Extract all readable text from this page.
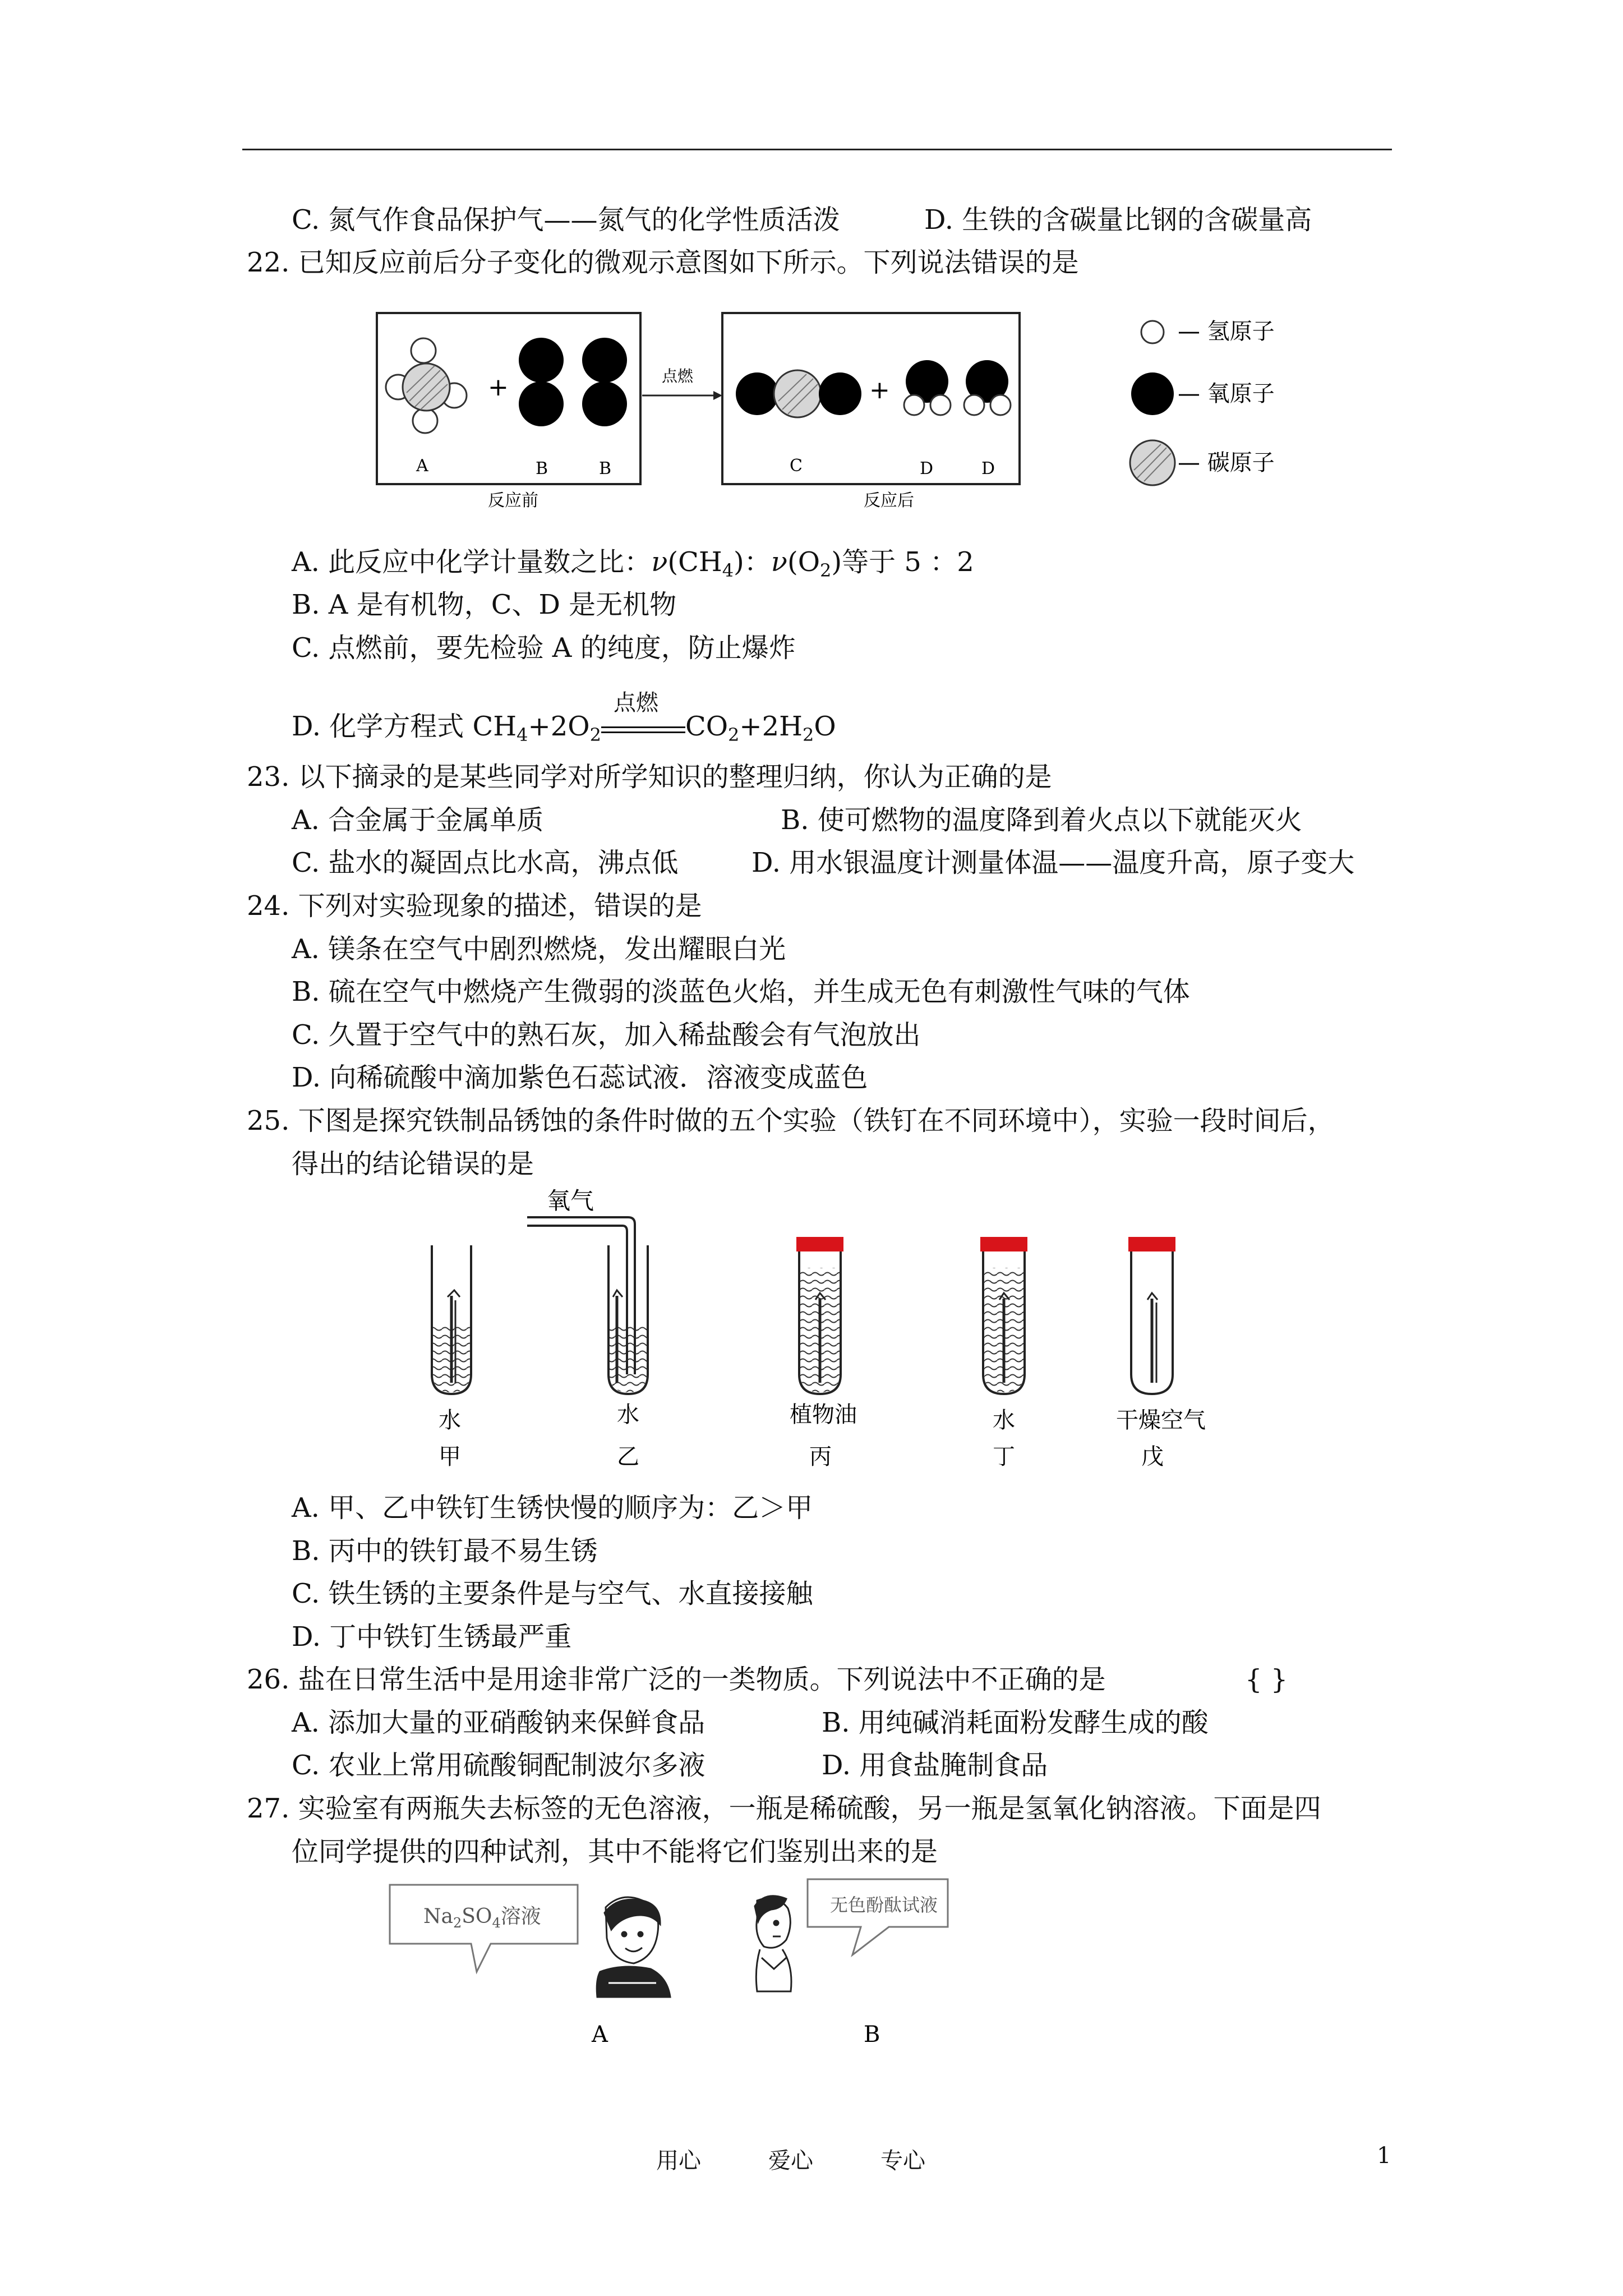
C. 氮气作食品保护气——氮气的化学性质活泼	D. 生铁的含碳量比钢的含碳量高
22. 已知反应前后分子变化的微观示意图如下所示。下列说法错误的是
+
A	B	B
反应前
点燃	+
C	D	D
反应后
— 氢原子
— 氧原子
— 碳原子
A. 此反应中化学计量数之比：$\nu(CH_4)$：$\nu(O_2)$等于 5 ：2
B. A 是有机物，C、D 是无机物
C. 点燃前，要先检验 A 的纯度，防止爆炸
D. 化学方程式 $CH_4+2O_2$
点燃
$CO_2+2H_2O$
23. 以下摘录的是某些同学对所学知识的整理归纳，你认为正确的是
A. 合金属于金属单质	B. 使可燃物的温度降到着火点以下就能灭火
C. 盐水的凝固点比水高，沸点低	D. 用水银温度计测量体温——温度升高，原子变大
24. 下列对实验现象的描述，错误的是
A. 镁条在空气中剧烈燃烧，发出耀眼白光
B. 硫在空气中燃烧产生微弱的淡蓝色火焰，并生成无色有刺激性气味的气体
C. 久置于空气中的熟石灰，加入稀盐酸会有气泡放出
D. 向稀硫酸中滴加紫色石蕊试液．溶液变成蓝色
25. 下图是探究铁制品锈蚀的条件时做的五个实验（铁钉在不同环境中），实验一段时间后，
得出的结论错误的是
氧气
水
甲
水
乙
植物油
丙
水
丁
干燥空气
戊
A. 甲、乙中铁钉生锈快慢的顺序为：乙＞甲
B. 丙中的铁钉最不易生锈
C. 铁生锈的主要条件是与空气、水直接接触
D. 丁中铁钉生锈最严重
26. 盐在日常生活中是用途非常广泛的一类物质。下列说法中不正确的是	{ }
A. 添加大量的亚硝酸钠来保鲜食品	B. 用纯碱消耗面粉发酵生成的酸
C. 农业上常用硫酸铜配制波尔多液	D. 用食盐腌制食品
27. 实验室有两瓶失去标签的无色溶液，一瓶是稀硫酸，另一瓶是氢氧化钠溶液。下面是四
位同学提供的四种试剂，其中不能将它们鉴别出来的是
$Na_2SO_4$溶液	无色酚酞试液
A	B
用心	爱心	专心	1
